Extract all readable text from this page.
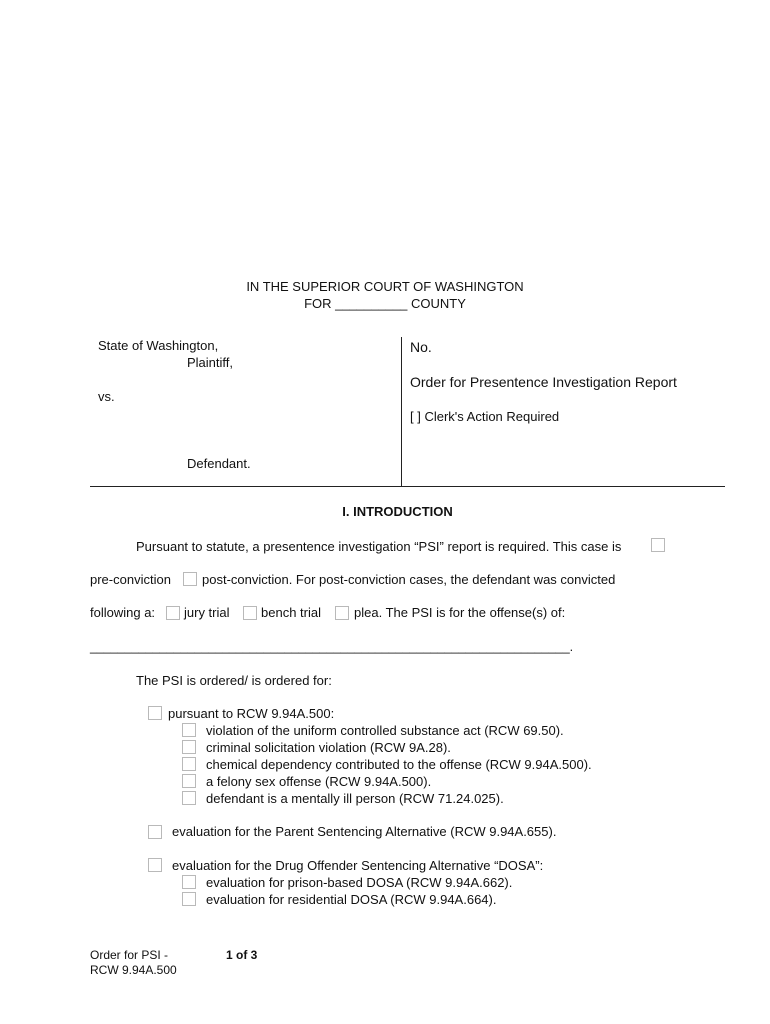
IN THE SUPERIOR COURT OF WASHINGTON
FOR __________ COUNTY
State of Washington,
Plaintiff,
vs.
Defendant.
No.
Order for Presentence Investigation Report
[ ] Clerk's Action Required
I. INTRODUCTION
Pursuant to statute, a presentence investigation “PSI” report is required. This case is
pre-conviction post-conviction. For post-conviction cases, the defendant was convicted
following a: jury trial bench trial	plea. The PSI is for the offense(s) of:
_____________________________________________________________________.
The PSI is ordered/ is ordered for:
pursuant to RCW 9.94A.500:
violation of the uniform controlled substance act (RCW 69.50).
criminal solicitation violation (RCW 9A.28).
chemical dependency contributed to the offense (RCW 9.94A.500).
a felony sex offense (RCW 9.94A.500).
defendant is a mentally ill person (RCW 71.24.025).
evaluation for the Parent Sentencing Alternative (RCW 9.94A.655).
evaluation for the Drug Offender Sentencing Alternative “DOSA”:
evaluation for prison-based DOSA (RCW 9.94A.662).
evaluation for residential DOSA (RCW 9.94A.664).
Order for PSI -	1 of 3
RCW 9.94A.500
